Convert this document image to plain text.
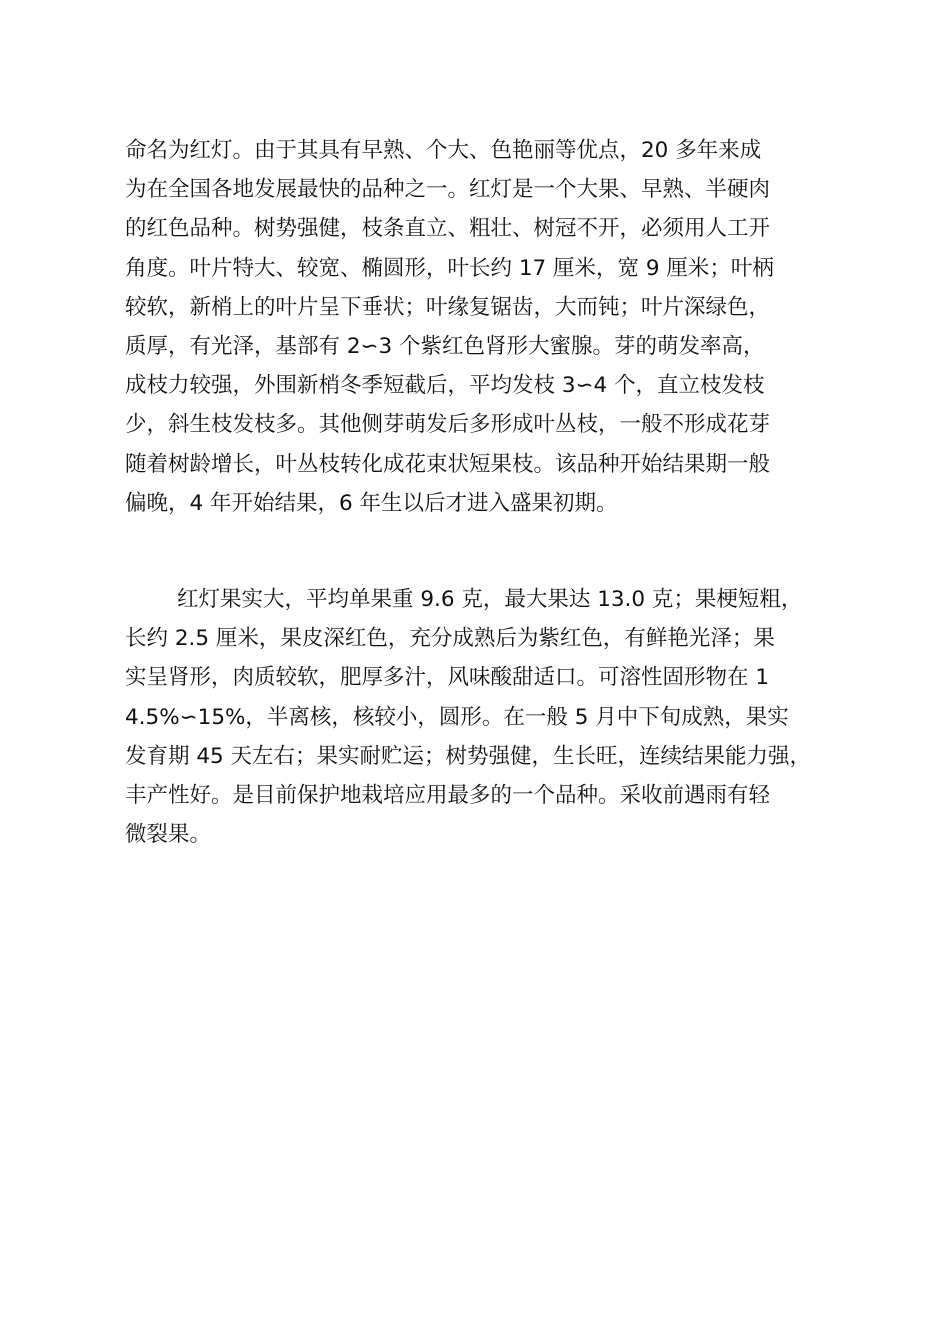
命名为红灯。由于其具有早熟、个大、色艳丽等优点，20 多年来成
为在全国各地发展最快的品种之一。红灯是一个大果、早熟、半硬肉
的红色品种。树势强健，枝条直立、粗壮、树冠不开，必须用人工开
角度。叶片特大、较宽、椭圆形，叶长约 17 厘米，宽 9 厘米；叶柄
较软，新梢上的叶片呈下垂状；叶缘复锯齿，大而钝；叶片深绿色，
质厚，有光泽，基部有 2∽3 个紫红色肾形大蜜腺。芽的萌发率高，
成枝力较强，外围新梢冬季短截后，平均发枝 3∽4 个，直立枝发枝
少，斜生枝发枝多。其他侧芽萌发后多形成叶丛枝，一般不形成花芽
随着树龄增长，叶丛枝转化成花束状短果枝。该品种开始结果期一般
偏晚，4 年开始结果，6 年生以后才进入盛果初期。
红灯果实大，平均单果重 9.6 克，最大果达 13.0 克；果梗短粗，
长约 2.5 厘米，果皮深红色，充分成熟后为紫红色，有鲜艳光泽；果
实呈肾形，肉质较软，肥厚多汁，风味酸甜适口。可溶性固形物在 1
4.5%∽15%，半离核，核较小，圆形。在一般 5 月中下旬成熟，果实
发育期 45 天左右；果实耐贮运；树势强健，生长旺，连续结果能力强，
丰产性好。是目前保护地栽培应用最多的一个品种。采收前遇雨有轻
微裂果。
